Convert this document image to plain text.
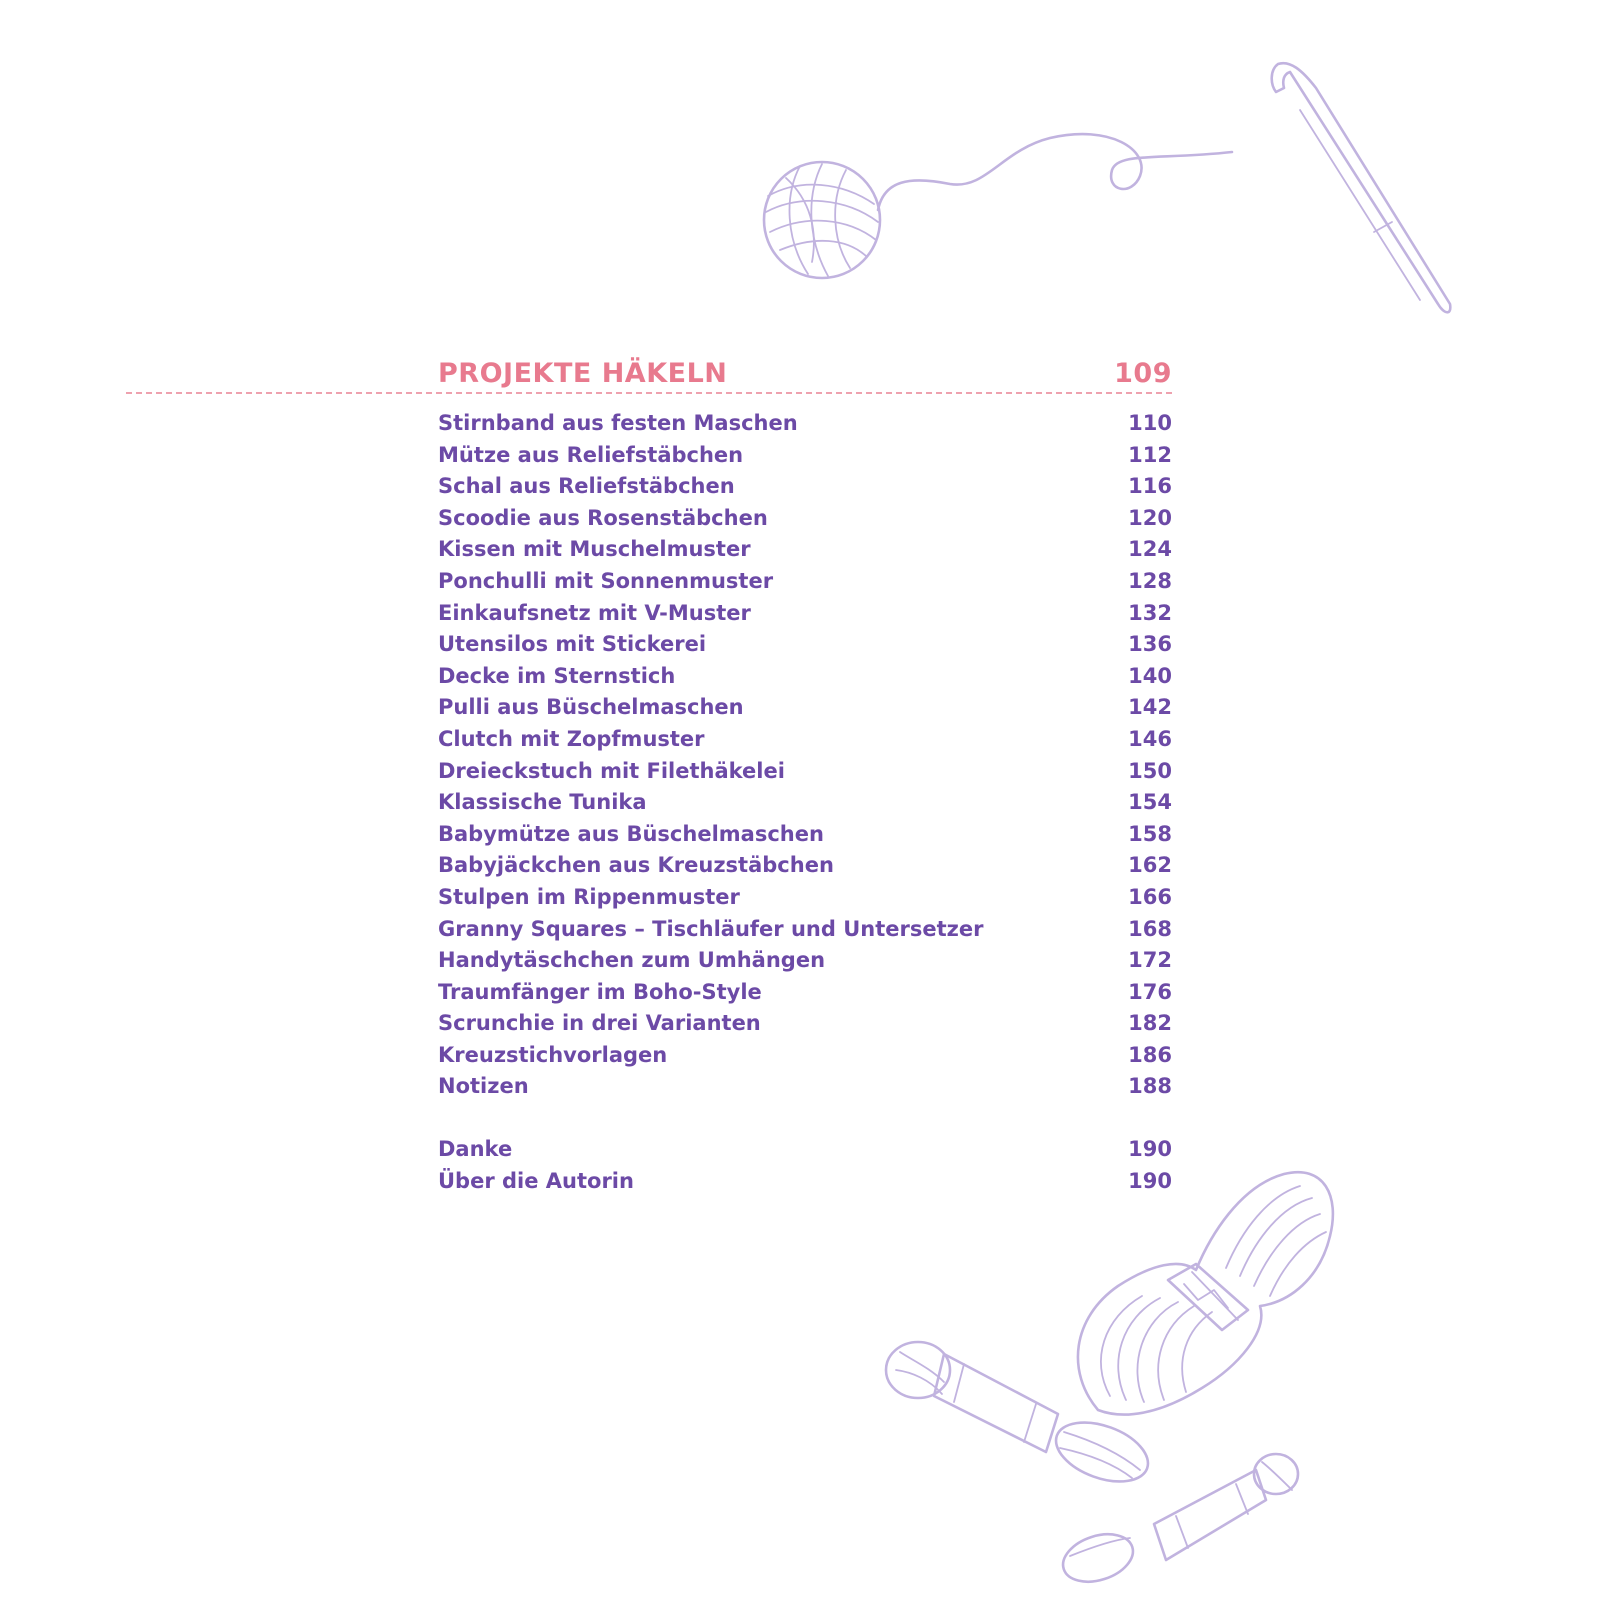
PROJEKTE HÄKELN	109
Stirnband aus festen Maschen	110
Mütze aus Reliefstäbchen	112
Schal aus Reliefstäbchen	116
Scoodie aus Rosenstäbchen	120
Kissen mit Muschelmuster	124
Ponchulli mit Sonnenmuster	128
Einkaufsnetz mit V-Muster	132
Utensilos mit Stickerei	136
Decke im Sternstich	140
Pulli aus Büschelmaschen	142
Clutch mit Zopfmuster	146
Dreieckstuch mit Filethäkelei	150
Klassische Tunika	154
Babymütze aus Büschelmaschen	158
Babyjäckchen aus Kreuzstäbchen	162
Stulpen im Rippenmuster	166
Granny Squares – Tischläufer und Untersetzer	168
Handytäschchen zum Umhängen	172
Traumfänger im Boho-Style	176
Scrunchie in drei Varianten	182
Kreuzstichvorlagen	186
Notizen	188
Danke	190
Über die Autorin	190
